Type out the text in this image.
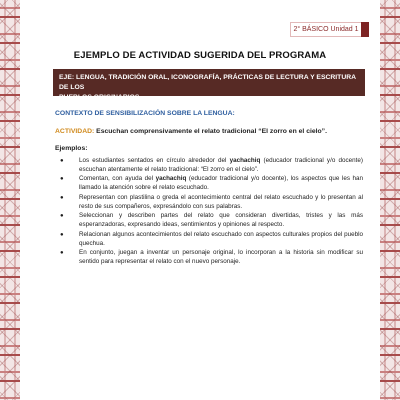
2° BÁSICO Unidad 1
EJEMPLO DE ACTIVIDAD SUGERIDA DEL PROGRAMA
EJE: LENGUA, TRADICIÓN ORAL, ICONOGRAFÍA, PRÁCTICAS DE LECTURA Y ESCRITURA DE LOS
PUEBLOS ORIGINARIOS.
CONTEXTO DE SENSIBILIZACIÓN SOBRE LA LENGUA:
ACTIVIDAD: Escuchan comprensivamente el relato tradicional “El zorro en el cielo”.
Ejemplos:
● Los estudiantes sentados en círculo alrededor del yachachiq (educador tradicional y/o docente) escuchan atentamente el relato tradicional: “El zorro en el cielo”.
● Comentan, con ayuda del yachachiq (educador tradicional y/o docente), los aspectos que les han llamado la atención sobre el relato escuchado.
● Representan con plastilina o greda el acontecimiento central del relato escuchado y lo presentan al resto de sus compañeros, expresándolo con sus palabras.
● Seleccionan y describen partes del relato que consideran divertidas, tristes y las más esperanzadoras, expresando ideas, sentimientos y opiniones al respecto.
● Relacionan algunos acontecimientos del relato escuchado con aspectos culturales propios del pueblo quechua.
● En conjunto, juegan a inventar un personaje original, lo incorporan a la historia sin modificar su sentido para representar el relato con el nuevo personaje.
